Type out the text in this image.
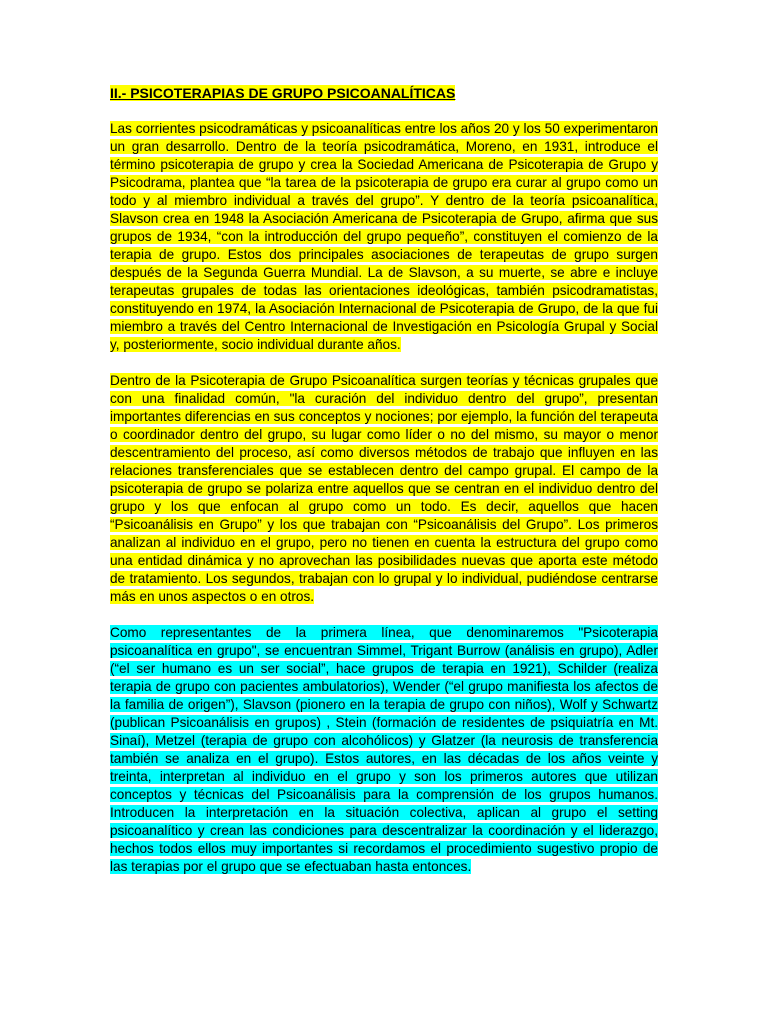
II.- PSICOTERAPIAS DE GRUPO PSICOANALÍTICAS

Las corrientes psicodramáticas y psicoanalíticas entre los años 20 y los 50 experimentaron un gran desarrollo. Dentro de la teoría psicodramática, Moreno, en 1931, introduce el término psicoterapia de grupo y crea la Sociedad Americana de Psicoterapia de Grupo y Psicodrama, plantea que “la tarea de la psicoterapia de grupo era curar al grupo como un todo y al miembro individual a través del grupo”. Y dentro de la teoría psicoanalítica, Slavson crea en 1948 la Asociación Americana de Psicoterapia de Grupo, afirma que sus grupos de 1934, “con la introducción del grupo pequeño”, constituyen el comienzo de la terapia de grupo. Estos dos principales asociaciones de terapeutas de grupo surgen después de la Segunda Guerra Mundial. La de Slavson, a su muerte, se abre e incluye terapeutas grupales de todas las orientaciones ideológicas, también psicodramatistas, constituyendo en 1974, la Asociación Internacional de Psicoterapia de Grupo, de la que fui miembro a través del Centro Internacional de Investigación en Psicología Grupal y Social y, posteriormente, socio individual durante años.

Dentro de la Psicoterapia de Grupo Psicoanalítica surgen teorías y técnicas grupales que con una finalidad común, "la curación del individuo dentro del grupo”, presentan importantes diferencias en sus conceptos y nociones; por ejemplo, la función del terapeuta o coordinador dentro del grupo, su lugar como líder o no del mismo, su mayor o menor descentramiento del proceso, así como diversos métodos de trabajo que influyen en las relaciones transferenciales que se establecen dentro del campo grupal. El campo de la psicoterapia de grupo se polariza entre aquellos que se centran en el individuo dentro del grupo y los que enfocan al grupo como un todo. Es decir, aquellos que hacen “Psicoanálisis en Grupo” y los que trabajan con “Psicoanálisis del Grupo”. Los primeros analizan al individuo en el grupo, pero no tienen en cuenta la estructura del grupo como una entidad dinámica y no aprovechan las posibilidades nuevas que aporta este método de tratamiento. Los segundos, trabajan con lo grupal y lo individual, pudiéndose centrarse más en unos aspectos o en otros.

Como representantes de la primera línea, que denominaremos "Psicoterapia psicoanalítica en grupo", se encuentran Simmel, Trigant Burrow (análisis en grupo), Adler (“el ser humano es un ser social”, hace grupos de terapia en 1921), Schilder (realiza terapia de grupo con pacientes ambulatorios), Wender (“el grupo manifiesta los afectos de la familia de origen”), Slavson (pionero en la terapia de grupo con niños), Wolf y Schwartz (publican Psicoanálisis en grupos) , Stein (formación de residentes de psiquiatría en Mt. Sinaí), Metzel (terapia de grupo con alcohólicos) y Glatzer (la neurosis de transferencia también se analiza en el grupo). Estos autores, en las décadas de los años veinte y treinta, interpretan al individuo en el grupo y son los primeros autores que utilizan conceptos y técnicas del Psicoanálisis para la comprensión de los grupos humanos. Introducen la interpretación en la situación colectiva, aplican al grupo el setting psicoanalítico y crean las condiciones para descentralizar la coordinación y el liderazgo, hechos todos ellos muy importantes si recordamos el procedimiento sugestivo propio de las terapias por el grupo que se efectuaban hasta entonces.
